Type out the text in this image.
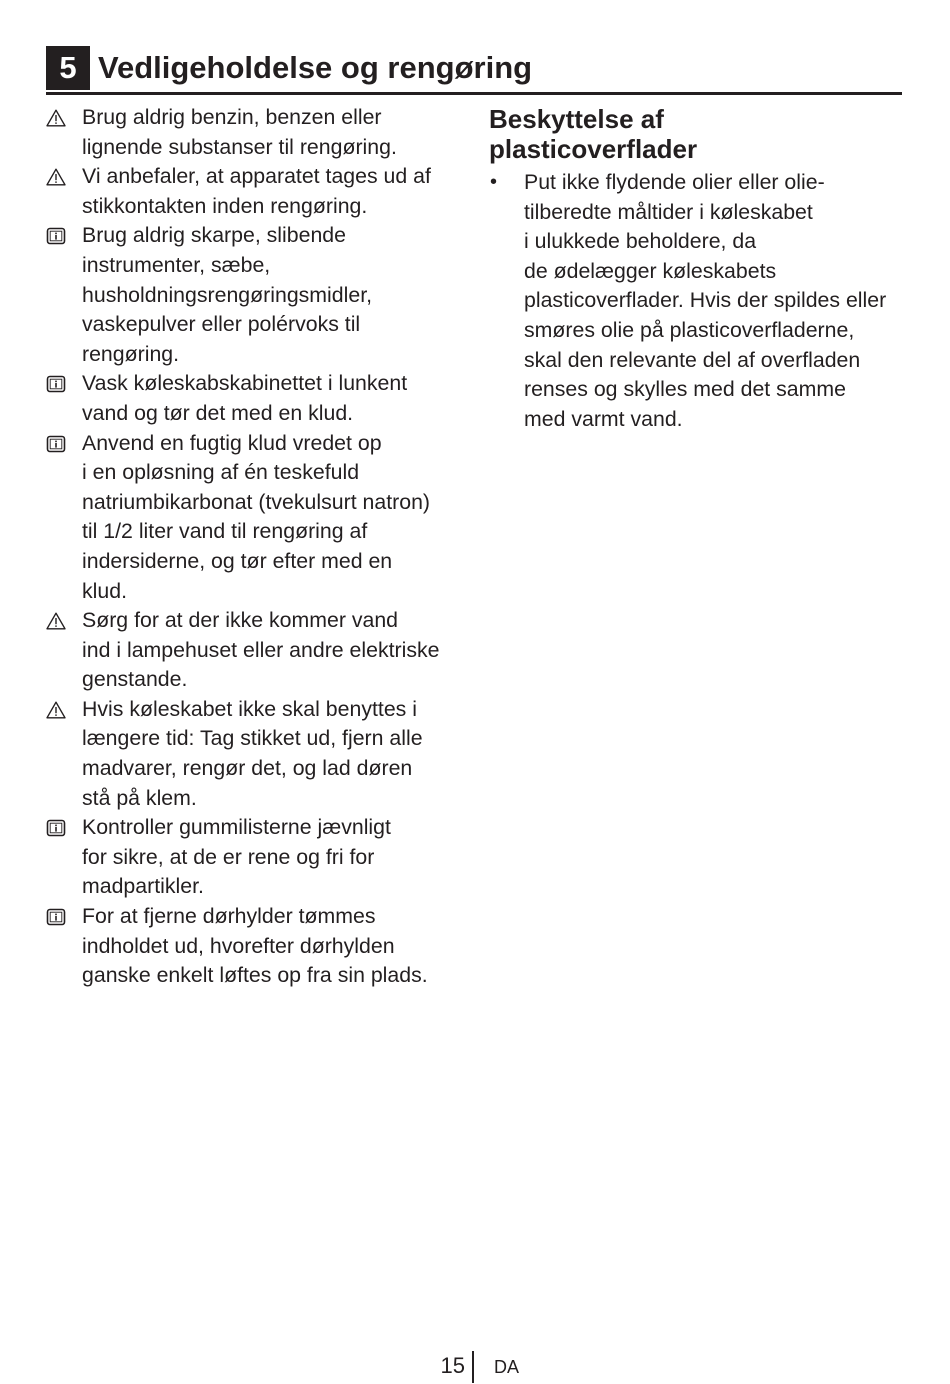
5 Vedligeholdelse og rengøring
Brug aldrig benzin, benzen eller
lignende substanser til rengøring.
Vi anbefaler, at apparatet tages ud af
stikkontakten inden rengøring.
Brug aldrig skarpe, slibende
instrumenter, sæbe,
husholdningsrengøringsmidler,
vaskepulver eller polérvoks til
rengøring.
Vask køleskabskabinettet i lunkent
vand og tør det med en klud.
Anvend en fugtig klud vredet op
i en opløsning af én teskefuld
natriumbikarbonat (tvekulsurt natron)
til 1/2 liter vand til rengøring af
indersiderne, og tør efter med en
klud.
Sørg for at der ikke kommer vand
ind i lampehuset eller andre elektriske
genstande.
Hvis køleskabet ikke skal benyttes i
længere tid: Tag stikket ud, fjern alle
madvarer, rengør det, og lad døren
stå på klem.
Kontroller gummilisterne jævnligt
for sikre, at de er rene og fri for
madpartikler.
For at fjerne dørhylder tømmes
indholdet ud, hvorefter dørhylden
ganske enkelt løftes op fra sin plads.
Beskyttelse af
plasticoverflader
• Put ikke flydende olier eller olie-
tilberedte måltider i køleskabet
i ulukkede beholdere, da
de ødelægger køleskabets
plasticoverflader. Hvis der spildes eller
smøres olie på plasticoverfladerne,
skal den relevante del af overfladen
renses og skylles med det samme
med varmt vand.
15 DA
